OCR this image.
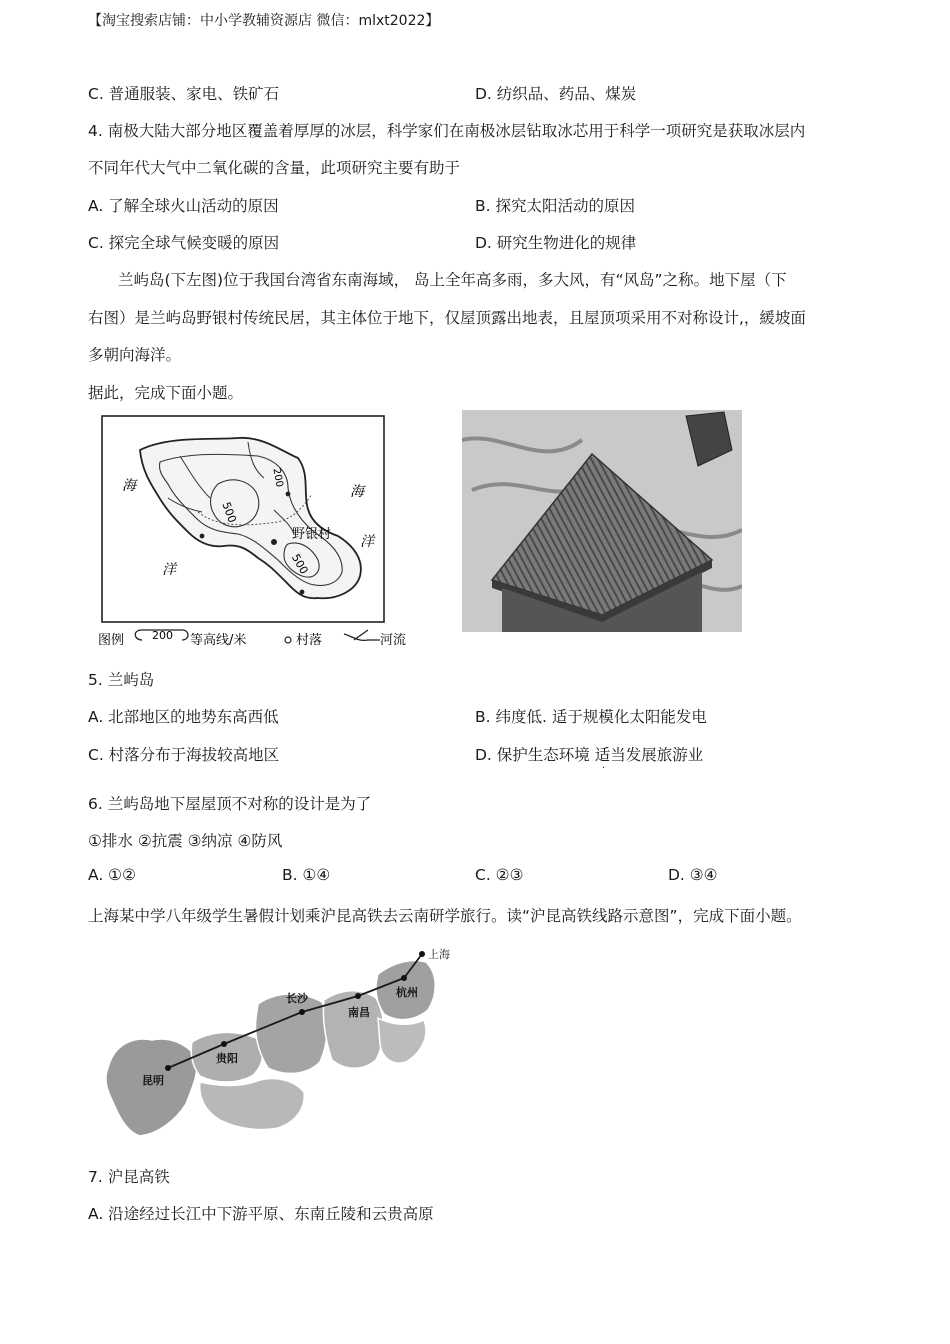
【淘宝搜索店铺：中小学教辅资源店 微信：mlxt2022】
C. 普通服装、家电、铁矿石	D. 纺织品、药品、煤炭
4. 南极大陆大部分地区覆盖着厚厚的冰层，科学家们在南极冰层钻取冰芯用于科学一项研究是获取冰层内
不同年代大气中二氧化碳的含量，此项研究主要有助于
A. 了解全球火山活动的原因	B. 探究太阳活动的原因
C. 探完全球气候变暖的原因	D. 研究生物进化的规律
兰屿岛(下左图)位于我国台湾省东南海域， 岛上全年高多雨，多大风，有“风岛”之称。地下屋（下
右图）是兰屿岛野银村传统民居，其主体位于地下，仅屋顶露出地表，且屋顶项采用不对称设计,，緩坡面
多朝向海洋。
据此，完成下面小题。
海
洋
海
洋
500
500
200
野银村
图例	200 等高线/米	村落	河流
5. 兰屿岛
A. 北部地区的地势东高西低	B. 纬度低. 适于规模化太阳能发电
C. 村落分布于海拔较高地区	D. 保护生态环境 适当发展旅游业
·
6. 兰屿岛地下屋屋顶不对称的设计是为了
①排水 ②抗震 ③纳凉 ④防风
A. ①②	B. ①④	C. ②③	D. ③④
上海某中学八年级学生暑假计划乘沪昆高铁去云南研学旅行。读“沪昆高铁线路示意图”，完成下面小题。
上海
杭州
长沙
南昌
贵阳
昆明
7. 沪昆高铁
A. 沿途经过长江中下游平原、东南丘陵和云贵高原
